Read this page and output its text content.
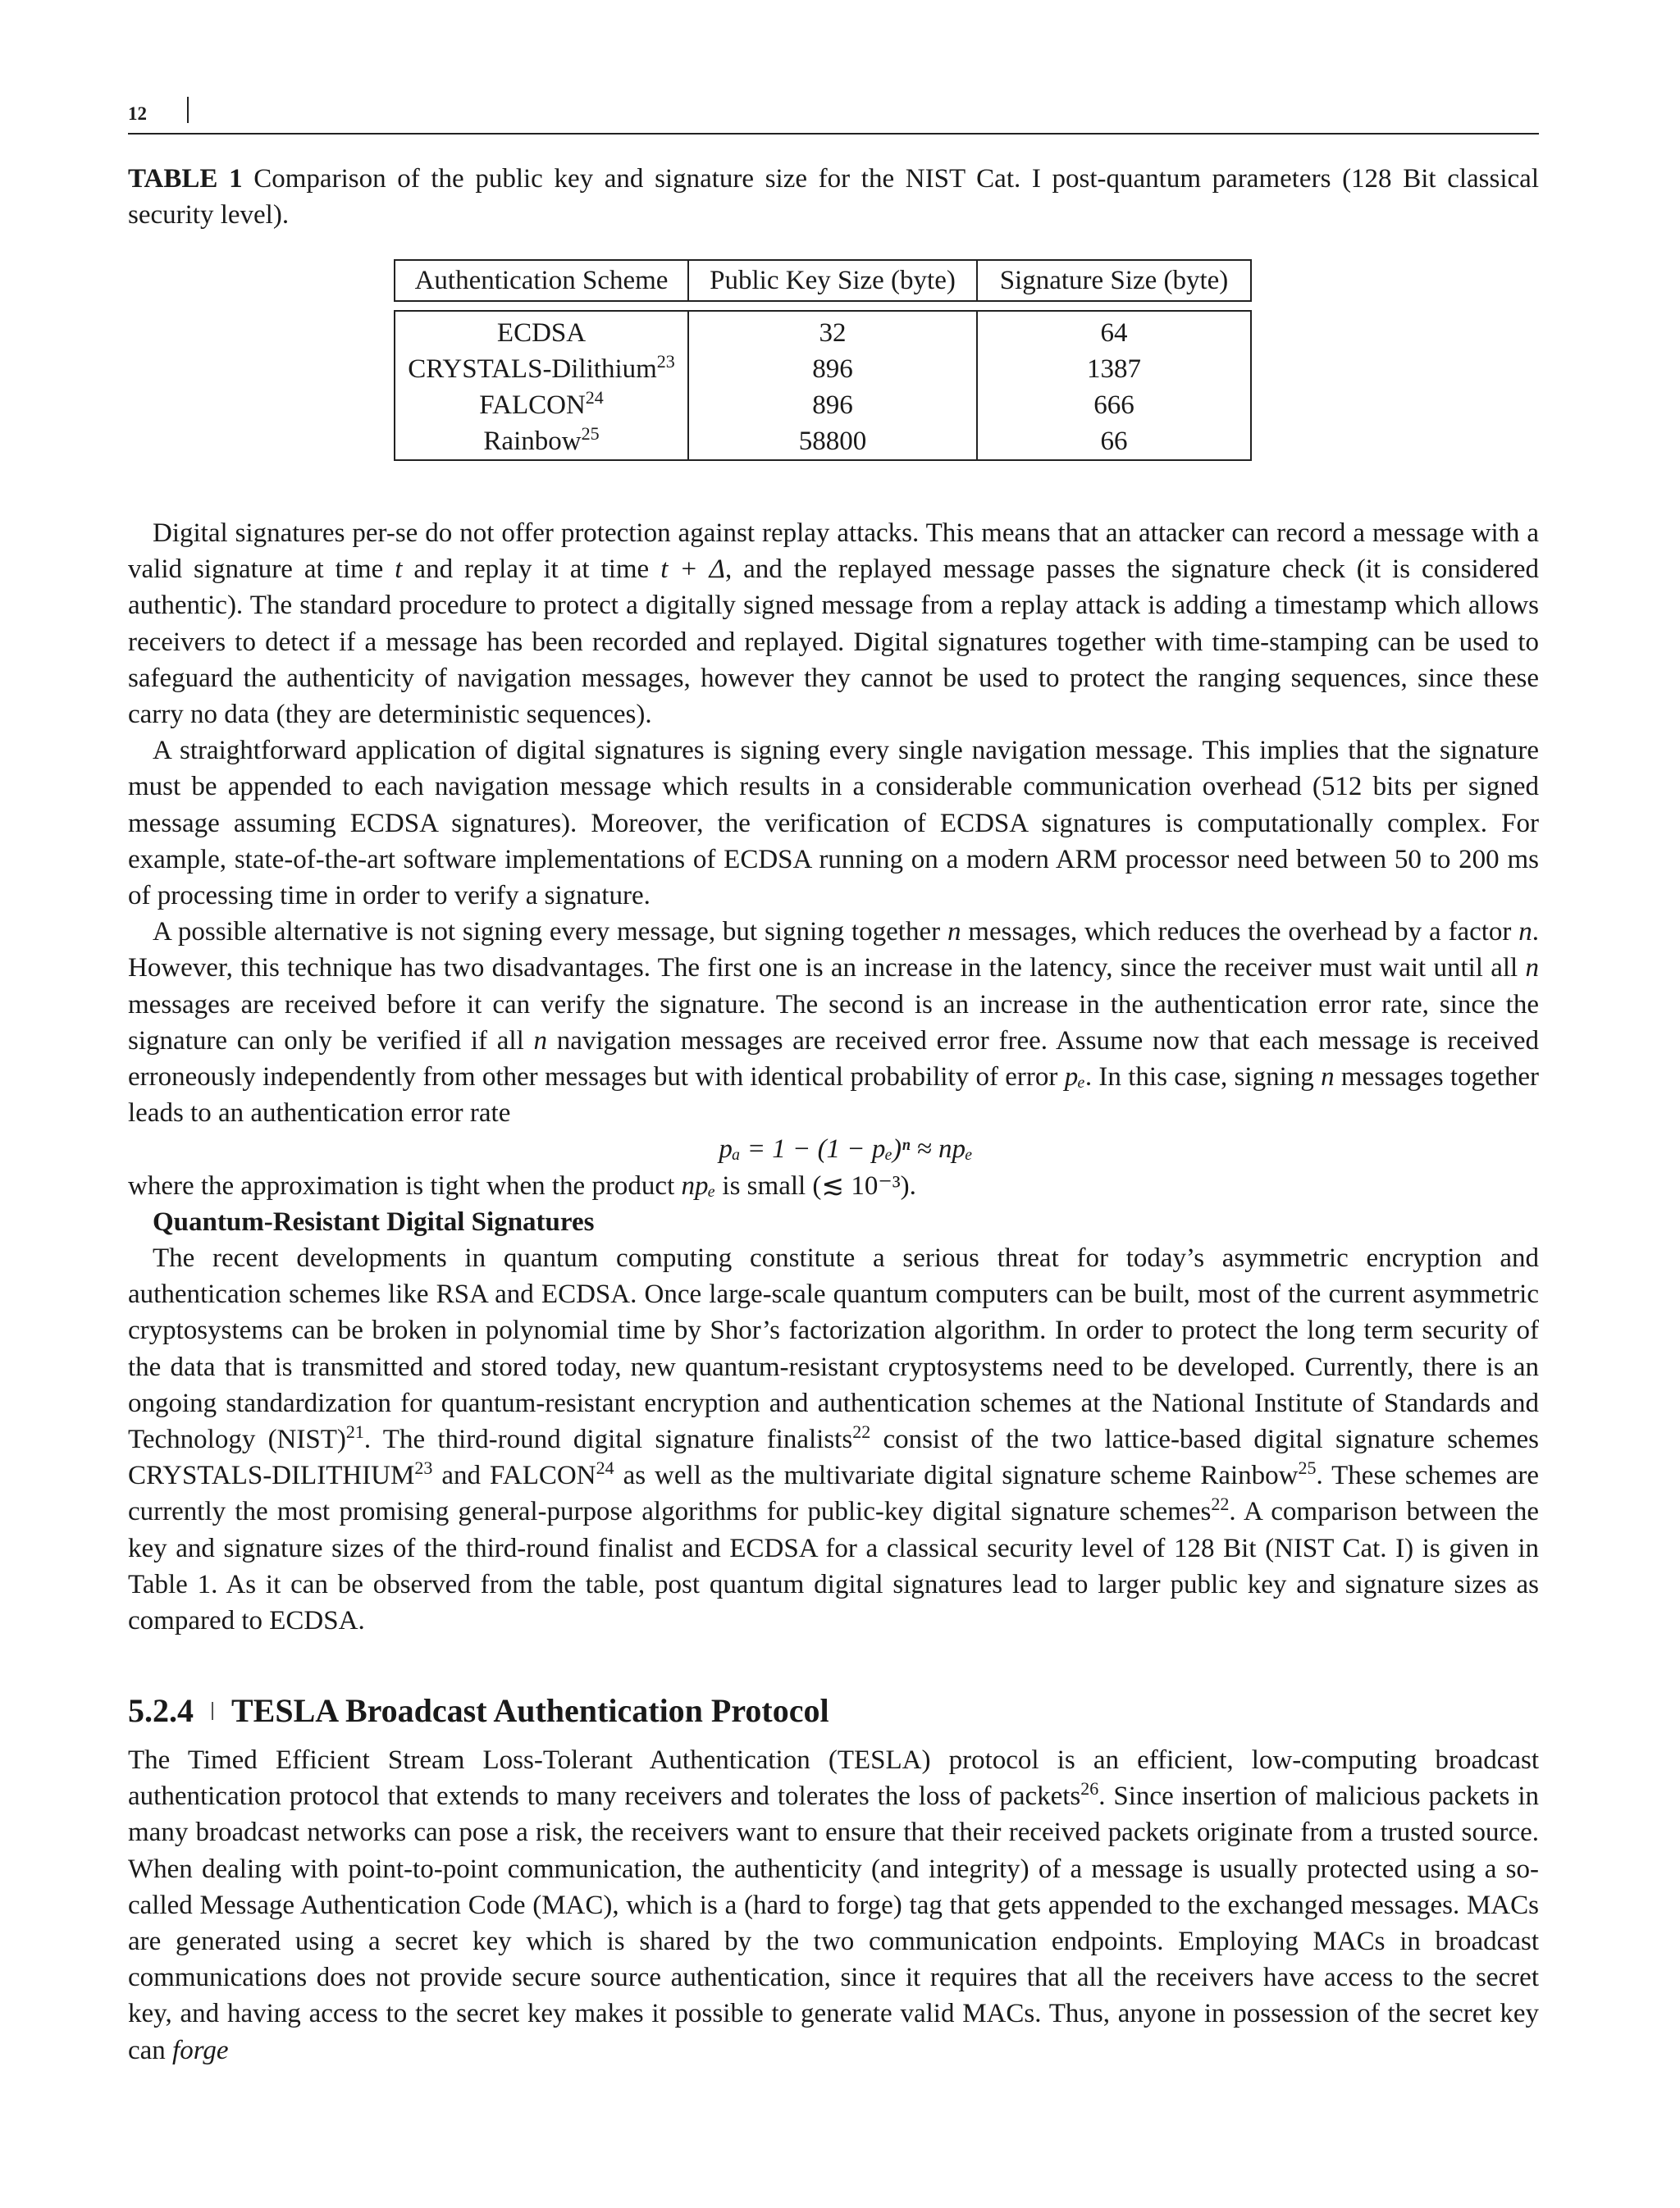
12
TABLE 1 Comparison of the public key and signature size for the NIST Cat. I post-quantum parameters (128 Bit classical security level).
Authentication Scheme	Public Key Size (byte)	Signature Size (byte)

ECDSA	32	64
CRYSTALS-Dilithium$^{23}$	896	1387
FALCON$^{24}$	896	666
Rainbow$^{25}$	58800	66

Digital signatures per-se do not offer protection against replay attacks. This means that an attacker can record a message with a valid signature at time t and replay it at time t + Δ, and the replayed message passes the signature check (it is considered authentic). The standard procedure to protect a digitally signed message from a replay attack is adding a timestamp which allows receivers to detect if a message has been recorded and replayed. Digital signatures together with time-stamping can be used to safeguard the authenticity of navigation messages, however they cannot be used to protect the ranging sequences, since these carry no data (they are deterministic sequences).

A straightforward application of digital signatures is signing every single navigation message. This implies that the signature must be appended to each navigation message which results in a considerable communication overhead (512 bits per signed message assuming ECDSA signatures). Moreover, the verification of ECDSA signatures is computationally complex. For example, state-of-the-art software implementations of ECDSA running on a modern ARM processor need between 50 to 200 ms of processing time in order to verify a signature.

A possible alternative is not signing every message, but signing together n messages, which reduces the overhead by a factor n. However, this technique has two disadvantages. The first one is an increase in the latency, since the receiver must wait until all n messages are received before it can verify the signature. The second is an increase in the authentication error rate, since the signature can only be verified if all n navigation messages are received error free. Assume now that each message is received erroneously independently from other messages but with identical probability of error pₑ. In this case, signing n messages together leads to an authentication error rate

pₐ = 1 − (1 − pₑ)ⁿ ≈ npₑ

where the approximation is tight when the product npₑ is small (≲ 10⁻³).

Quantum-Resistant Digital Signatures

The recent developments in quantum computing constitute a serious threat for today’s asymmetric encryption and authentication schemes like RSA and ECDSA. Once large-scale quantum computers can be built, most of the current asymmetric cryptosystems can be broken in polynomial time by Shor’s factorization algorithm. In order to protect the long term security of the data that is transmitted and stored today, new quantum-resistant cryptosystems need to be developed. Currently, there is an ongoing standardization for quantum-resistant encryption and authentication schemes at the National Institute of Standards and Technology (NIST)$^{21}$. The third-round digital signature finalists$^{22}$ consist of the two lattice-based digital signature schemes CRYSTALS-DILITHIUM$^{23}$ and FALCON$^{24}$ as well as the multivariate digital signature scheme Rainbow$^{25}$. These schemes are currently the most promising general-purpose algorithms for public-key digital signature schemes$^{22}$. A comparison between the key and signature sizes of the third-round finalist and ECDSA for a classical security level of 128 Bit (NIST Cat. I) is given in Table 1. As it can be observed from the table, post quantum digital signatures lead to larger public key and signature sizes as compared to ECDSA.

5.2.4 TESLA Broadcast Authentication Protocol

The Timed Efficient Stream Loss-Tolerant Authentication (TESLA) protocol is an efficient, low-computing broadcast authentication protocol that extends to many receivers and tolerates the loss of packets$^{26}$. Since insertion of malicious packets in many broadcast networks can pose a risk, the receivers want to ensure that their received packets originate from a trusted source. When dealing with point-to-point communication, the authenticity (and integrity) of a message is usually protected using a so-called Message Authentication Code (MAC), which is a (hard to forge) tag that gets appended to the exchanged messages. MACs are generated using a secret key which is shared by the two communication endpoints. Employing MACs in broadcast communications does not provide secure source authentication, since it requires that all the receivers have access to the secret key, and having access to the secret key makes it possible to generate valid MACs. Thus, anyone in possession of the secret key can forge
